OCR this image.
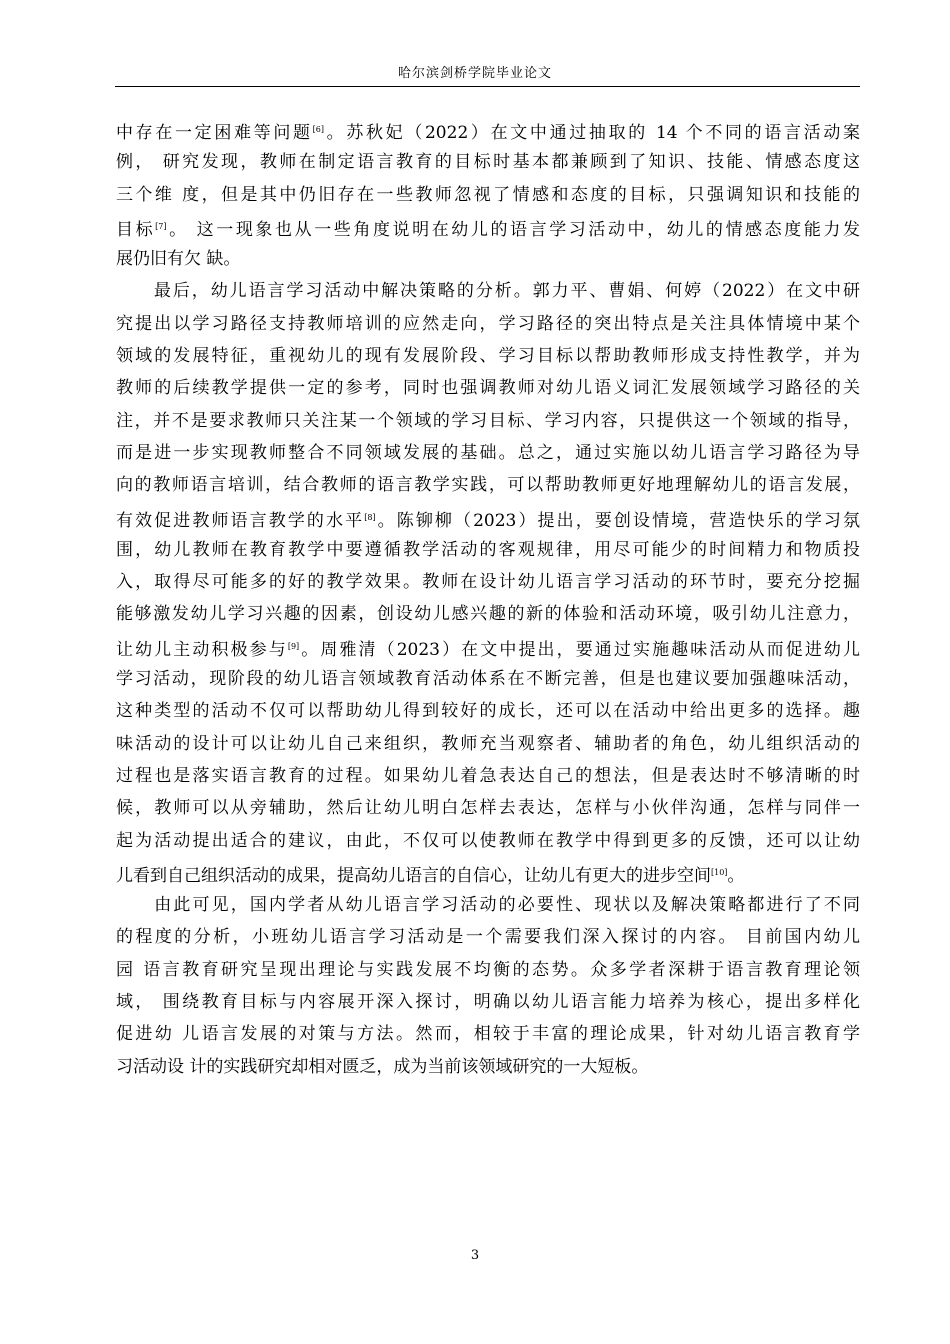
哈尔滨剑桥学院毕业论文
中存在一定困难等问题[6]。苏秋妃（2022）在文中通过抽取的 14 个不同的语言活动案
例， 研究发现，教师在制定语言教育的目标时基本都兼顾到了知识、技能、情感态度这
三个维 度，但是其中仍旧存在一些教师忽视了情感和态度的目标，只强调知识和技能的
目标[7]。 这一现象也从一些角度说明在幼儿的语言学习活动中，幼儿的情感态度能力发
展仍旧有欠 缺。
　　最后，幼儿语言学习活动中解决策略的分析。郭力平、曹娟、何婷（2022）在文中研
究提出以学习路径支持教师培训的应然走向，学习路径的突出特点是关注具体情境中某个
领域的发展特征，重视幼儿的现有发展阶段、学习目标以帮助教师形成支持性教学，并为
教师的后续教学提供一定的参考，同时也强调教师对幼儿语义词汇发展领域学习路径的关
注，并不是要求教师只关注某一个领域的学习目标、学习内容，只提供这一个领域的指导，
而是进一步实现教师整合不同领域发展的基础。总之，通过实施以幼儿语言学习路径为导
向的教师语言培训，结合教师的语言教学实践，可以帮助教师更好地理解幼儿的语言发展，
有效促进教师语言教学的水平[8]。陈铆柳（2023）提出，要创设情境，营造快乐的学习氛
围，幼儿教师在教育教学中要遵循教学活动的客观规律，用尽可能少的时间精力和物质投
入，取得尽可能多的好的教学效果。教师在设计幼儿语言学习活动的环节时，要充分挖掘
能够激发幼儿学习兴趣的因素，创设幼儿感兴趣的新的体验和活动环境，吸引幼儿注意力，
让幼儿主动积极参与[9]。周雅清（2023）在文中提出，要通过实施趣味活动从而促进幼儿
学习活动，现阶段的幼儿语言领域教育活动体系在不断完善，但是也建议要加强趣味活动，
这种类型的活动不仅可以帮助幼儿得到较好的成长，还可以在活动中给出更多的选择。趣
味活动的设计可以让幼儿自己来组织，教师充当观察者、辅助者的角色，幼儿组织活动的
过程也是落实语言教育的过程。如果幼儿着急表达自己的想法，但是表达时不够清晰的时
候，教师可以从旁辅助，然后让幼儿明白怎样去表达，怎样与小伙伴沟通，怎样与同伴一
起为活动提出适合的建议，由此，不仅可以使教师在教学中得到更多的反馈，还可以让幼
儿看到自己组织活动的成果，提高幼儿语言的自信心，让幼儿有更大的进步空间[10]。
　　由此可见，国内学者从幼儿语言学习活动的必要性、现状以及解决策略都进行了不同
的程度的分析，小班幼儿语言学习活动是一个需要我们深入探讨的内容。 目前国内幼儿
园 语言教育研究呈现出理论与实践发展不均衡的态势。众多学者深耕于语言教育理论领
域， 围绕教育目标与内容展开深入探讨，明确以幼儿语言能力培养为核心，提出多样化
促进幼 儿语言发展的对策与方法。然而，相较于丰富的理论成果，针对幼儿语言教育学
习活动设 计的实践研究却相对匮乏，成为当前该领域研究的一大短板。
3
